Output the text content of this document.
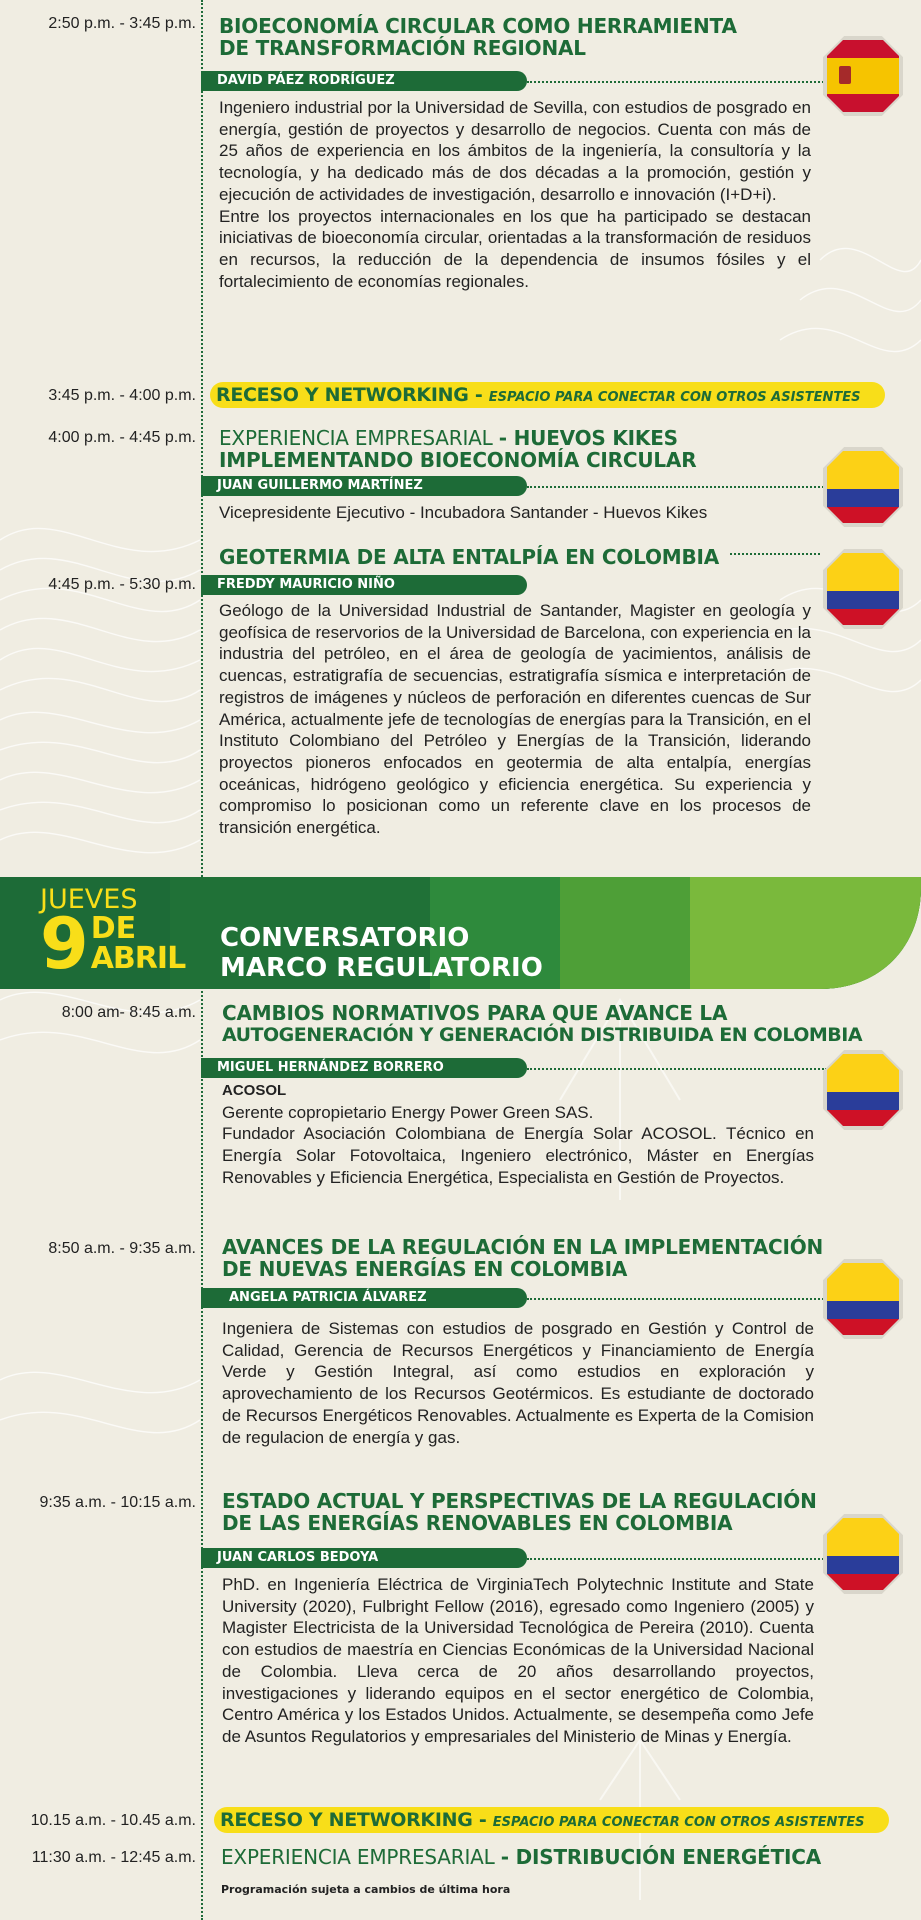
2:50 p.m. - 3:45 p.m. BIOECONOMÍA CIRCULAR COMO HERRAMIENTA
DE TRANSFORMACIÓN REGIONAL
DAVID PÁEZ RODRÍGUEZ

Ingeniero industrial por la Universidad de Sevilla, con estudios de posgrado en energía, gestión de proyectos y desarrollo de negocios. Cuenta con más de 25 años de experiencia en los ámbitos de la ingeniería, la consultoría y la tecnología, y ha dedicado más de dos décadas a la promoción, gestión y ejecución de actividades de investigación, desarrollo e innovación (I+D+i).

Entre los proyectos internacionales en los que ha participado se destacan iniciativas de bioeconomía circular, orientadas a la transformación de residuos en recursos, la reducción de la dependencia de insumos fósiles y el fortalecimiento de economías regionales.

3:45 p.m. - 4:00 p.m.	RECESO Y NETWORKING - ESPACIO PARA CONECTAR CON OTROS ASISTENTES
4:00 p.m. - 4:45 p.m. EXPERIENCIA EMPRESARIAL - HUEVOS KIKES
IMPLEMENTANDO BIOECONOMÍA CIRCULAR
JUAN GUILLERMO MARTÍNEZ
Vicepresidente Ejecutivo - Incubadora Santander - Huevos Kikes
GEOTERMIA DE ALTA ENTALPÍA EN COLOMBIA
4:45 p.m. - 5:30 p.m.	FREDDY MAURICIO NIÑO
Geólogo de la Universidad Industrial de Santander, Magister en geología y geofísica de reservorios de la Universidad de Barcelona, con experiencia en la industria del petróleo, en el área de geología de yacimientos, análisis de cuencas, estratigrafía de secuencias, estratigrafía sísmica e interpretación de registros de imágenes y núcleos de perforación en diferentes cuencas de Sur América, actualmente jefe de tecnologías de energías para la Transición, en el Instituto Colombiano del Petróleo y Energías de la Transición, liderando proyectos pioneros enfocados en geotermia de alta entalpía, energías oceánicas, hidrógeno geológico y eficiencia energética. Su experiencia y compromiso lo posicionan como un referente clave en los procesos de transición energética.
JUEVES
9 DE
ABRIL
CONVERSATORIO
MARCO REGULATORIO
8:00 am- 8:45 a.m. CAMBIOS NORMATIVOS PARA QUE AVANCE LA
AUTOGENERACIÓN Y GENERACIÓN DISTRIBUIDA EN COLOMBIA
MIGUEL HERNÁNDEZ BORRERO

ACOSOL

Gerente copropietario Energy Power Green SAS.

Fundador Asociación Colombiana de Energía Solar ACOSOL. Técnico en Energía Solar Fotovoltaica, Ingeniero electrónico, Máster en Energías Renovables y Eficiencia Energética, Especialista en Gestión de Proyectos.

8:50 a.m. - 9:35 a.m. AVANCES DE LA REGULACIÓN EN LA IMPLEMENTACIÓN
DE NUEVAS ENERGÍAS EN COLOMBIA
ANGELA PATRICIA ÁLVAREZ
Ingeniera de Sistemas con estudios de posgrado en Gestión y Control de Calidad, Gerencia de Recursos Energéticos y Financiamiento de Energía Verde y Gestión Integral, así como estudios en exploración y aprovechamiento de los Recursos Geotérmicos. Es estudiante de doctorado de Recursos Energéticos Renovables. Actualmente es Experta de la Comision de regulacion de energía y gas.
9:35 a.m. - 10:15 a.m. ESTADO ACTUAL Y PERSPECTIVAS DE LA REGULACIÓN
DE LAS ENERGÍAS RENOVABLES EN COLOMBIA
JUAN CARLOS BEDOYA
PhD. en Ingeniería Eléctrica de VirginiaTech Polytechnic Institute and State University (2020), Fulbright Fellow (2016), egresado como Ingeniero (2005) y Magister Electricista de la Universidad Tecnológica de Pereira (2010). Cuenta con estudios de maestría en Ciencias Económicas de la Universidad Nacional de Colombia. Lleva cerca de 20 años desarrollando proyectos, investigaciones y liderando equipos en el sector energético de Colombia, Centro América y los Estados Unidos. Actualmente, se desempeña como Jefe de Asuntos Regulatorios y empresariales del Ministerio de Minas y Energía.
10.15 a.m. - 10.45 a.m.	RECESO Y NETWORKING - ESPACIO PARA CONECTAR CON OTROS ASISTENTES
11:30 a.m. - 12:45 a.m. EXPERIENCIA EMPRESARIAL - DISTRIBUCIÓN ENERGÉTICA
Programación sujeta a cambios de última hora
